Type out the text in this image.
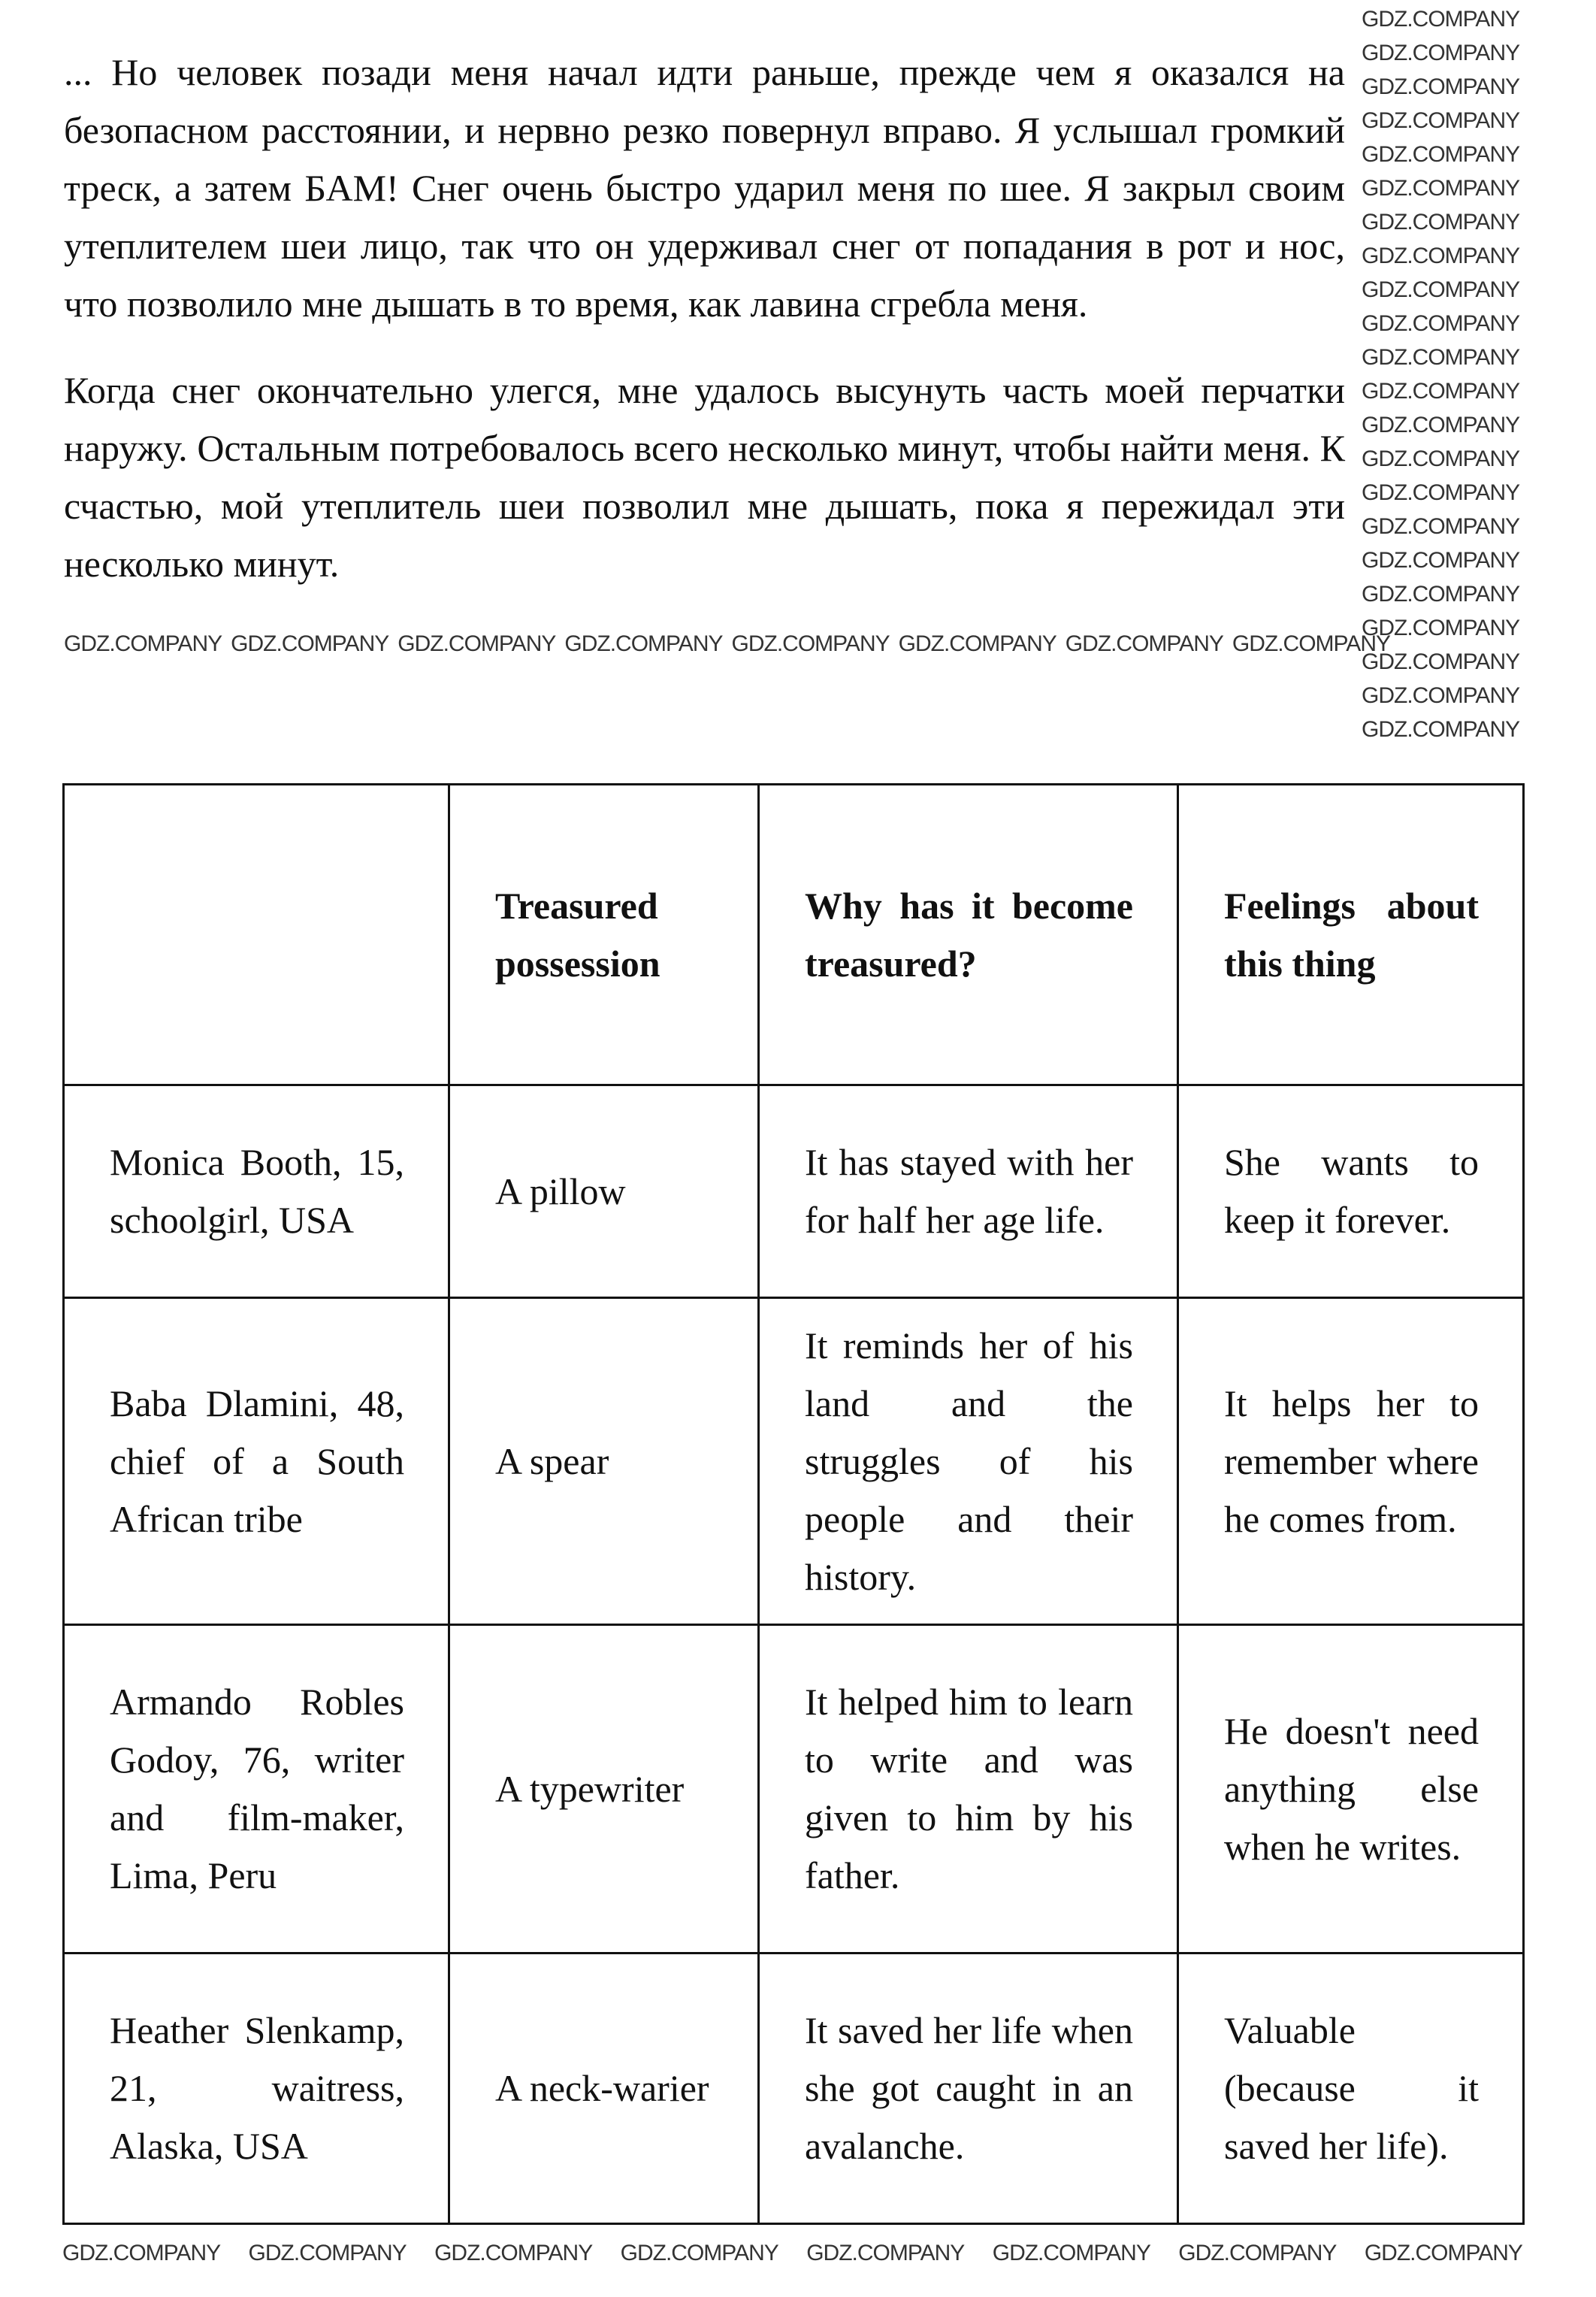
... Но человек позади меня начал идти раньше, прежде чем я оказался на безопасном расстоянии, и нервно резко повернул вправо. Я услышал громкий треск, а затем БАМ! Снег очень быстро ударил меня по шее. Я закрыл своим утеплителем шеи лицо, так что он удерживал снег от попадания в рот и нос, что позволило мне дышать в то время, как лавина сгребла меня.
Когда снег окончательно улегся, мне удалось высунуть часть моей перчатки наружу. Остальным потребовалось всего несколько минут, чтобы найти меня. К счастью, мой утеплитель шеи позволил мне дышать, пока я пережидал эти несколько минут.
GDZ.COMPANY GDZ.COMPANY GDZ.COMPANY GDZ.COMPANY GDZ.COMPANY GDZ.COMPANY GDZ.COMPANY GDZ.COMPANY
GDZ.COMPANY
GDZ.COMPANY
GDZ.COMPANY
GDZ.COMPANY
GDZ.COMPANY
GDZ.COMPANY
GDZ.COMPANY
GDZ.COMPANY
GDZ.COMPANY
GDZ.COMPANY
GDZ.COMPANY
GDZ.COMPANY
GDZ.COMPANY
GDZ.COMPANY
GDZ.COMPANY
GDZ.COMPANY
GDZ.COMPANY
GDZ.COMPANY
GDZ.COMPANY
GDZ.COMPANY
GDZ.COMPANY
GDZ.COMPANY
	Treasured possession	Why has it become treasured?	Feelings about this thing
Monica Booth, 15, schoolgirl, USA	A pillow	It has stayed with her for half her age life.	She wants to keep it forever.
Baba Dlamini, 48, chief of a South African tribe	A spear	It reminds her of his land and the struggles of his people and their history.	It helps her to remember where he comes from.
Armando Robles Godoy, 76, writer and film-maker, Lima, Peru	A typewriter	It helped him to learn to write and was given to him by his father.	He doesn't need anything else when he writes.
Heather Slenkamp, 21, waitress, Alaska, USA	A neck-warier	It saved her life when she got caught in an avalanche.	Valuable (because it saved her life).
GDZ.COMPANY GDZ.COMPANY GDZ.COMPANY GDZ.COMPANY GDZ.COMPANY GDZ.COMPANY GDZ.COMPANY GDZ.COMPANY
